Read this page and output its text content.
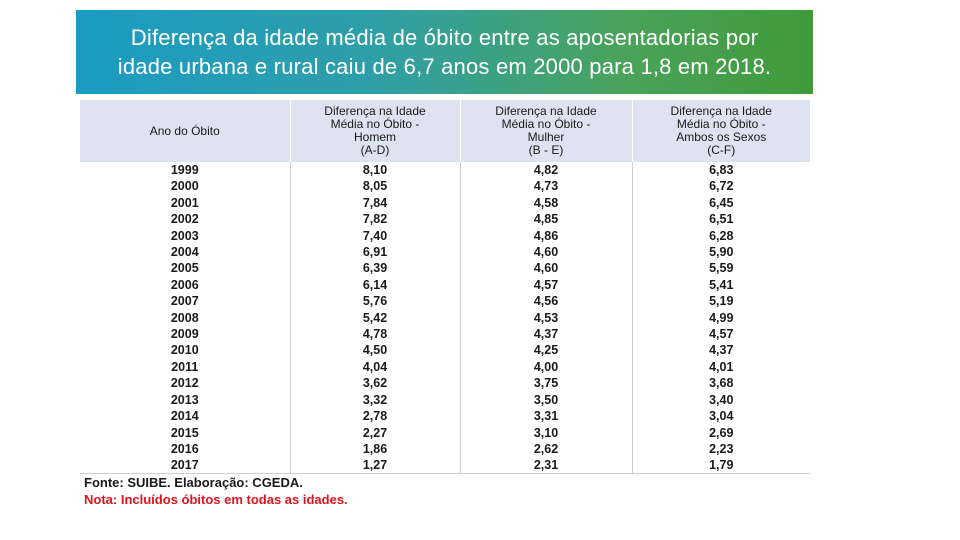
Diferença da idade média de óbito entre as aposentadorias por
idade urbana e rural caiu de 6,7 anos em 2000 para 1,8 em 2018.
Ano do Óbito	Diferença na Idade
Média no Óbito -
Homem
(A-D)	Diferença na Idade
Média no Óbito -
Mulher
(B - E)	Diferença na Idade
Média no Óbito -
Ambos os Sexos
(C-F)
1999	8,10	4,82	6,83
2000	8,05	4,73	6,72
2001	7,84	4,58	6,45
2002	7,82	4,85	6,51
2003	7,40	4,86	6,28
2004	6,91	4,60	5,90
2005	6,39	4,60	5,59
2006	6,14	4,57	5,41
2007	5,76	4,56	5,19
2008	5,42	4,53	4,99
2009	4,78	4,37	4,57
2010	4,50	4,25	4,37
2011	4,04	4,00	4,01
2012	3,62	3,75	3,68
2013	3,32	3,50	3,40
2014	2,78	3,31	3,04
2015	2,27	3,10	2,69
2016	1,86	2,62	2,23
2017	1,27	2,31	1,79
Fonte: SUIBE. Elaboração: CGEDA.
Nota: Incluídos óbitos em todas as idades.
